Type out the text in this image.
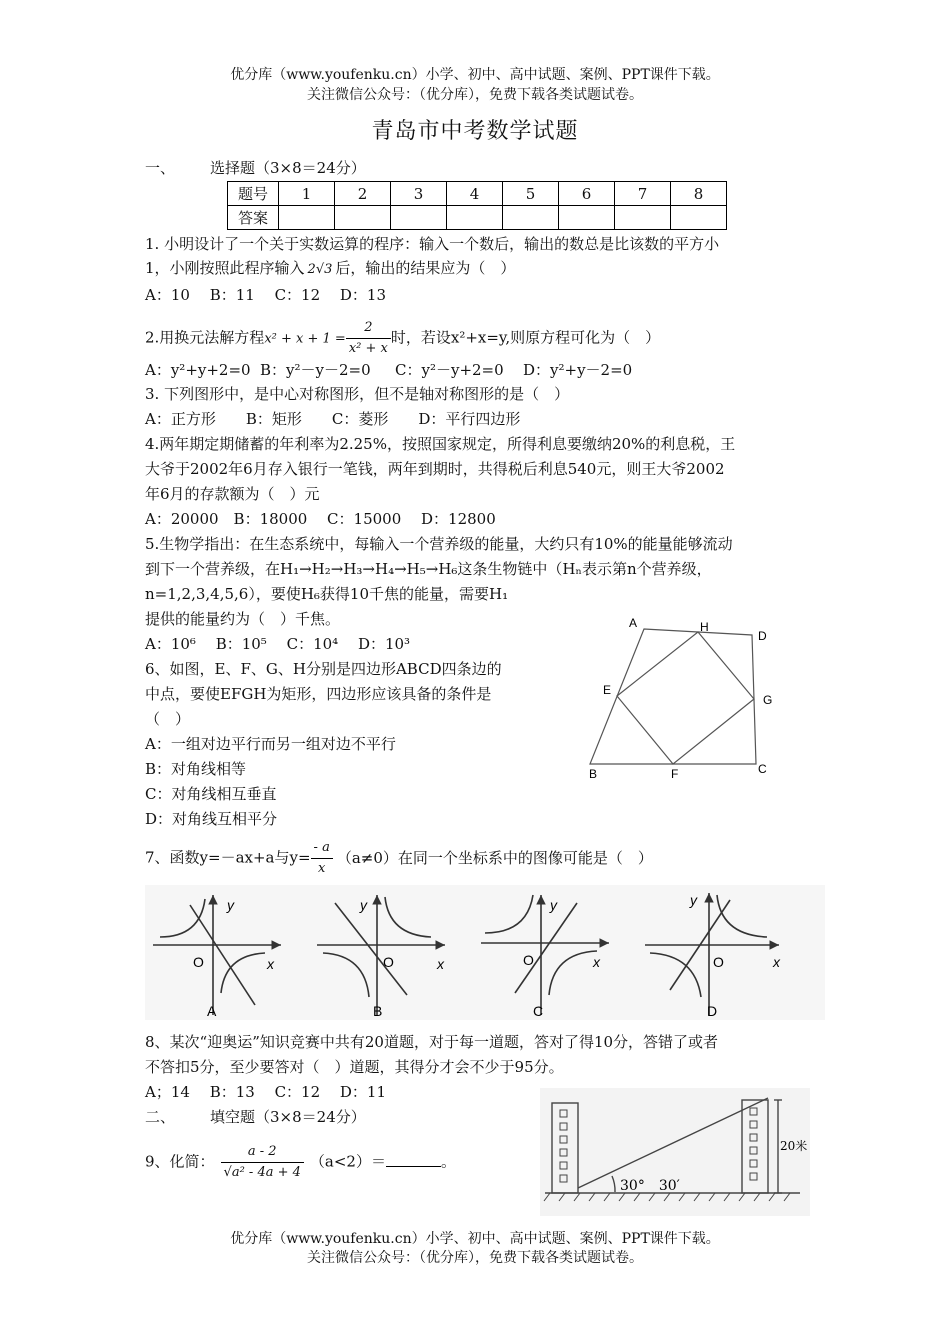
优分库（www.youfenku.cn）小学、初中、高中试题、案例、PPT课件下载。
关注微信公众号：（优分库），免费下载各类试题试卷。
青岛市中考数学试题
一、 选择题（3×8＝24分）
题号	1	2	3	4	5	6	7	8
答案								
1. 小明设计了一个关于实数运算的程序：输入一个数后，输出的数总是比该数的平方小
1，小刚按照此程序输入 2√3 后，输出的结果应为（　）
A：10　 B：11　 C：12　 D：13
2.用换元法解方程$x^2 + x + 1 = \frac{2}{\text{x² + x}}$ 时，若设x²+x=y,则原方程可化为（　）
A：y²+y+2=0 B：y²－y－2=0 C：y²－y+2=0 D：y²+y－2=0
3. 下列图形中，是中心对称图形，但不是轴对称图形的是（　）
A：正方形　　B：矩形　　C：菱形　　D：平行四边形
4.两年期定期储蓄的年利率为2.25%，按照国家规定，所得利息要缴纳20%的利息税，王
大爷于2002年6月存入银行一笔钱，两年到期时，共得税后利息540元，则王大爷2002
年6月的存款额为（　）元
A：20000　B：18000　 C：15000　 D：12800
5.生物学指出：在生态系统中，每输入一个营养级的能量，大约只有10%的能量能够流动
到下一个营养级，在H₁→H₂→H₃→H₄→H₅→H₆这条生物链中（Hₙ表示第n个营养级，
n=1,2,3,4,5,6），要使H₆获得10千焦的能量，需要H₁
提供的能量约为（　）千焦。
A：10⁶　 B：10⁵　 C：10⁴　 D：10³
6、如图，E、F、G、H分别是四边形ABCD四条边的
中点，要使EFGH为矩形，四边形应该具备的条件是
（　）
A：一组对边平行而另一组对边不平行
B：对角线相等
C：对角线相互垂直
D：对角线互相平分
A	H
D
E
G
B	F	C
7、函数y=－ax+a与$y= \frac{- a}{x} (a\ne 0)$在同一个坐标系中的图像可能是（　）
y
x
O
A
y
x
O
B
y
x
O
C
y
x
O
D
8、某次“迎奥运”知识竞赛中共有20道题，对于每一道题，答对了得10分，答错了或者
不答扣5分，至少要答对（　）道题，其得分才会不少于95分。
A；14　 B：13　 C：12　 D：11
二、 填空题（3×8＝24分）
30°　30′
20米
9、化简： $\frac{a - 2}{\text{√a² - 4a + 4}} (a<2)=$	。
优分库（www.youfenku.cn）小学、初中、高中试题、案例、PPT课件下载。
关注微信公众号：（优分库），免费下载各类试题试卷。
